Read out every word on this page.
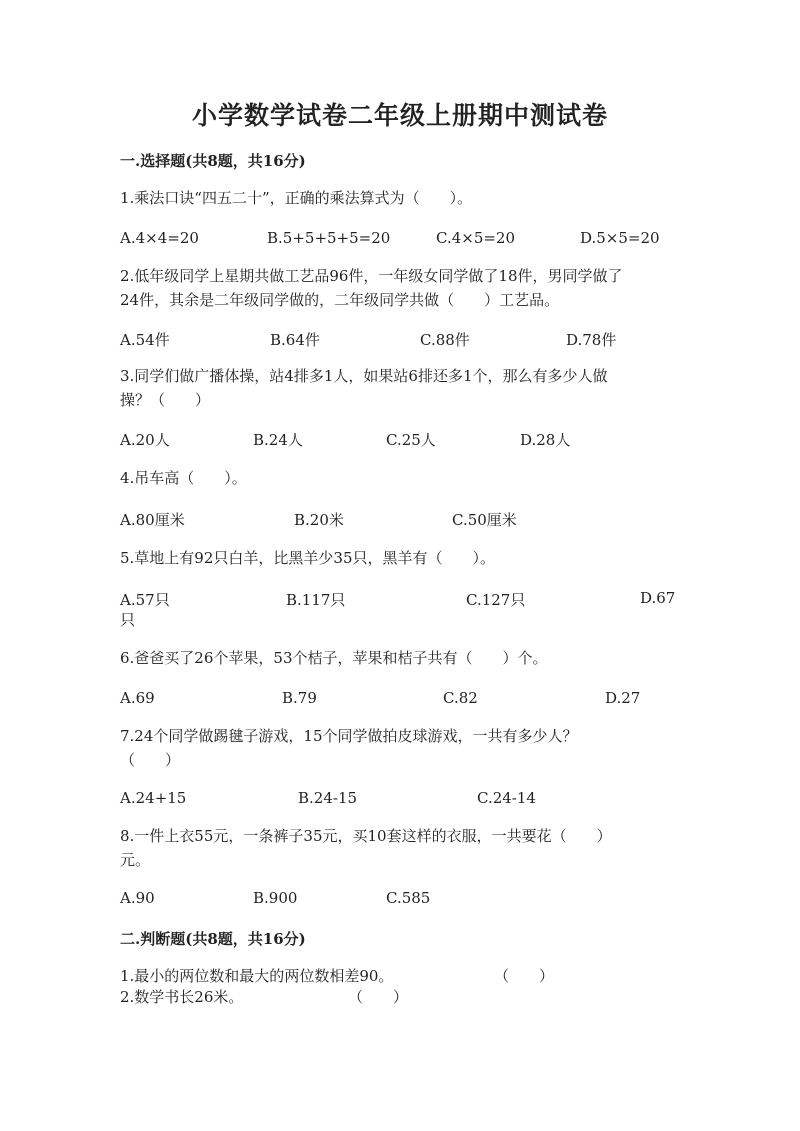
小学数学试卷二年级上册期中测试卷
一.选择题(共8题，共16分)
1.乘法口诀“四五二十”，正确的乘法算式为（　　）。
A.4×4=20	B.5+5+5+5=20	C.4×5=20	D.5×5=20
2.低年级同学上星期共做工艺品96件，一年级女同学做了18件，男同学做了
24件，其余是二年级同学做的，二年级同学共做（　　）工艺品。
A.54件	B.64件	C.88件	D.78件
3.同学们做广播体操，站4排多1人，如果站6排还多1个，那么有多少人做
操？（　　）
A.20人	B.24人	C.25人	D.28人
4.吊车高（　　）。
A.80厘米	B.20米	C.50厘米
5.草地上有92只白羊，比黑羊少35只，黑羊有（　　）。
A.57只	B.117只	C.127只	D.67
只
6.爸爸买了26个苹果，53个桔子，苹果和桔子共有（　　）个。
A.69	B.79	C.82	D.27
7.24个同学做踢毽子游戏，15个同学做拍皮球游戏，一共有多少人？
（　　）
A.24+15	B.24-15	C.24-14
8.一件上衣55元，一条裤子35元，买10套这样的衣服，一共要花（　　）
元。
A.90	B.900	C.585
二.判断题(共8题，共16分)
1.最小的两位数和最大的两位数相差90。	（　　）
2.数学书长26米。	（　　）
